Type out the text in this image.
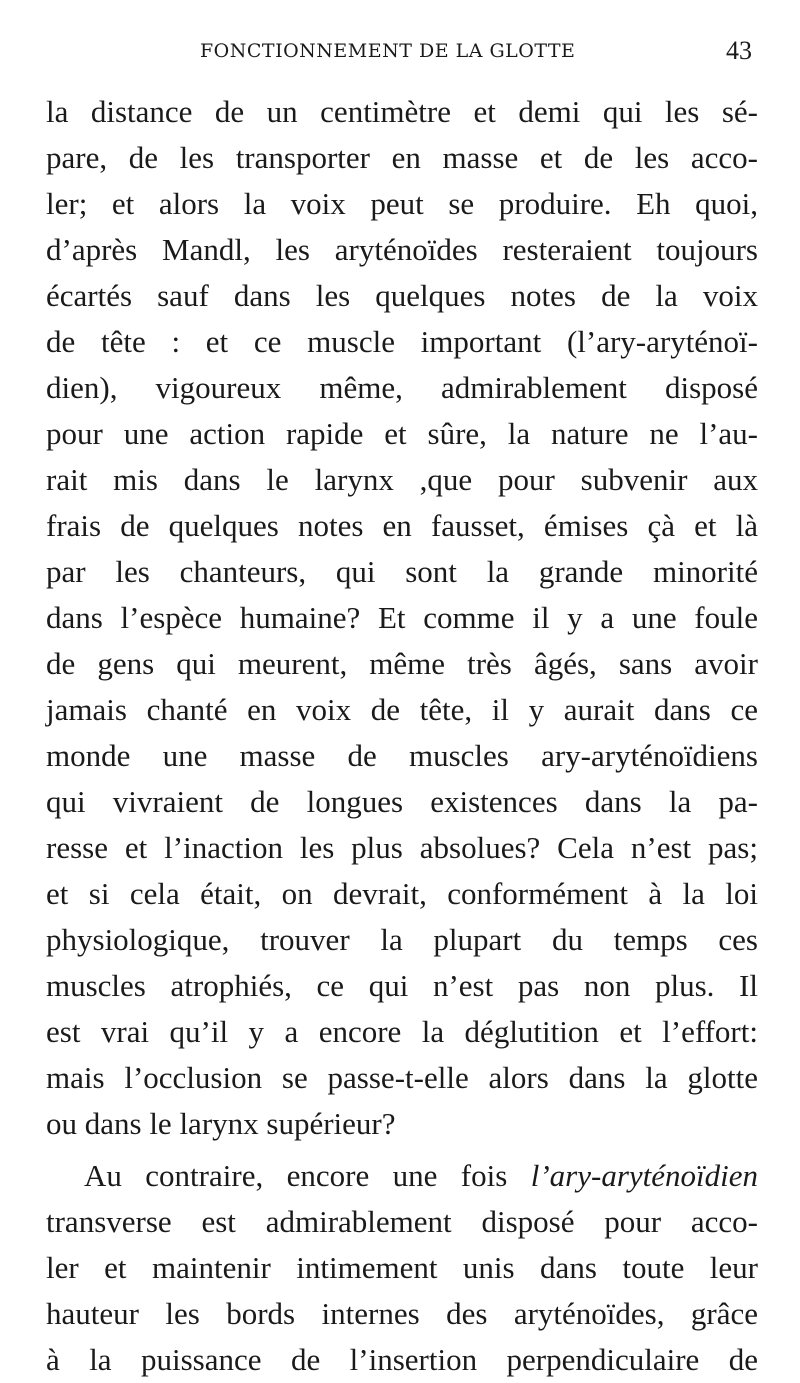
FONCTIONNEMENT DE LA GLOTTE	43
la distance de un centimètre et demi qui les sé-
pare, de les transporter en masse et de les acco-
ler; et alors la voix peut se produire. Eh quoi,
d’après Mandl, les aryténoïdes resteraient toujours
écartés sauf dans les quelques notes de la voix
de tête : et ce muscle important (l’ary-aryténoï-
dien), vigoureux même, admirablement disposé
pour une action rapide et sûre, la nature ne l’au-
rait mis dans le larynx ,que pour subvenir aux
frais de quelques notes en fausset, émises çà et là
par les chanteurs, qui sont la grande minorité
dans l’espèce humaine? Et comme il y a une foule
de gens qui meurent, même très âgés, sans avoir
jamais chanté en voix de tête, il y aurait dans ce
monde une masse de muscles ary-aryténoïdiens
qui vivraient de longues existences dans la pa-
resse et l’inaction les plus absolues? Cela n’est pas;
et si cela était, on devrait, conformément à la loi
physiologique, trouver la plupart du temps ces
muscles atrophiés, ce qui n’est pas non plus. Il
est vrai qu’il y a encore la déglutition et l’effort:
mais l’occlusion se passe-t-elle alors dans la glotte
ou dans le larynx supérieur?
Au contraire, encore une fois l’ary-aryténoïdien
transverse est admirablement disposé pour acco-
ler et maintenir intimement unis dans toute leur
hauteur les bords internes des aryténoïdes, grâce
à la puissance de l’insertion perpendiculaire de
